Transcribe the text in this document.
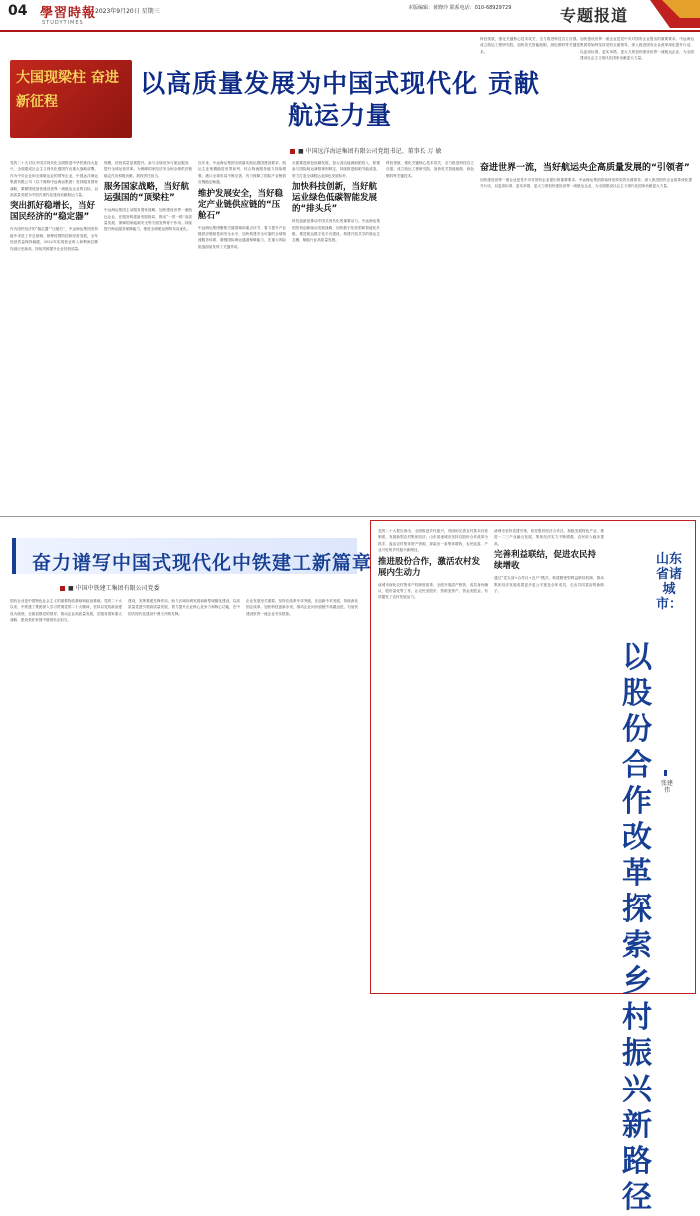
04 學習時報
STUDYTIMES
2023年9月20日 星期三	本版编辑：黄晓玲 联系电话：010-68929729	专题报道
大国现梁柱 奋进新征程
以高质量发展为中国式现代化 贡献航运力量
■ 中国远洋海运集团有限公司党组书记、董事长 万 敏

党的二十大对以中国式现代化全面推进中华民族伟大复兴，全面建成社会主义现代化强国作出重大战略部署。作为中央企业和全球航运业的领军企业，中国远洋海运集团有限公司（以下简称中远海运集团）坚持服务国家战略，紧紧围绕加快建设世界一流航运企业的目标，以高质量发展为中国式现代化建设贡献航运力量。

突出抓好稳增长，当好国民经济的“稳定器”

作为国民经济的“稳定器”“压舱石”，中远海运集团坚持稳中求进工作总基调，统筹疫情防控和经营发展，全年经营效益保持稳健，2022年实现营业收入和利润总额均创历史新高，持续巩固提升企业经营质量。

规模，经营质量显著提升。参与全球竞争与航运服务，提升全球运营效率。为保障国家经济安全和全球供应链稳定作出积极贡献，展现责任担当。

服务国家战略，当好航运强国的“顶梁柱”

中远海运集团主动服务国家战略，加快建设世界一流航运企业，在服务构建新发展格局、推动“一带一路”高质量发展、保障国家能源安全等方面发挥骨干作用。持续提升海运服务保障能力，推进全球航运网络布局优化。

近年来，中远海运集团全面落实航运强国建设要求，航运主业规模稳居世界前列，综合物流服务能力持续增强，港口全球布局不断完善，有力保障了国际产业链供应链稳定畅通。

维护发展安全，当好稳定产业链供应链的“压舱石”

中远海运集团聚焦关键领域和重点环节，着力提升产业链供应链韧性和安全水平，加快构建安全可靠的全球物流服务体系，增强国际海运通道保障能力，在重大风险挑战面前发挥了关键作用。

全面推进绿色低碳发展，加大清洁能源船舶投入，积极参与国际航运减排规则制定，持续推进船舶节能改造，努力打造全球航运业绿色发展标杆。

加快科技创新，当好航运业绿色低碳智能发展的“排头兵”

科技创新是推动中国式现代化的重要动力。中远海运集团坚持创新驱动发展战略，加快数字化转型和智能化升级，推进航运数字化平台建设，构建开放共享的航运生态圈，赋能行业高质量发展。

科技领航，强化关键核心技术攻关，全力推进科技自立自强。成立航运工程研究院，加快攻关智能船舶、绿色燃料等关键技术。

科技领航，强化关键核心技术攻关，全力推进科技自立自强。成立航运工程研究院，加快攻关智能船舶、绿色燃料等关键技术。

加快建设世界一流企业是党中央对国有企业提出的重要要求。中远海运集团将始终坚持党的全面领导，深入推进国有企业改革深化提升行动，以更高标准、更实举措、更大力度加快建设世界一流航运企业，为全面建设社会主义现代化国家贡献更大力量。

奋进世界一流，当好航运央企高质量发展的“引领者”

加快建设世界一流企业是党中央对国有企业提出的重要要求。中远海运集团将始终坚持党的全面领导，深入推进国有企业改革深化提升行动，以更高标准、更实举措、更大力度加快建设世界一流航运企业，为全面建设社会主义现代化国家贡献更大力量。

奋力谱写中国式现代化中铁建工新篇章
■ 中国中铁建工集团有限公司党委

国有企业是中国特色社会主义的重要物质基础和政治基础。党的二十大以来，中铁建工集团深入学习贯彻党的二十大精神，坚持以党的政治建设为统领，全面加强党的领导，推动企业高质量发展，在服务国家重大战略、建设美好家园中展现央企担当。

建设，发挥基建先锋作用，助力区域协调发展和新型城镇化建设。以高质量党建引领高质量发展，着力提升企业核心竞争力和核心功能，在中国式现代化建设中勇当开路先锋。

企业发展至关重要。坚持在改革中求突破、在创新中求发展，持续深化国企改革，加快科技创新步伐，推动企业向价值链中高端迈进，为加快建设世界一流企业夯实根基。

党的二十大报告指出，全面推进乡村振兴，巩固和完善农村基本经营制度，发展新型农村集体经济。山东省诸城市坚持以股份合作改革为抓手，盘活农村集体资产资源，探索出一条集体增收、农民致富、产业兴旺的乡村振兴新路径。

推进股份合作，激活农村发展内生动力

诸城市深化农村集体产权制度改革，全面开展清产核资、成员身份确认、股份量化等工作，让农民变股东、资源变资产、资金变股金，有效激发了农村发展活力。

诸城市坚持党建引领，依托股份经济合作社，积极发展特色产业，推进一二三产业融合发展，集体经济实力不断增强，农民收入稳步提高。

完善利益联结，促进农民持续增收

通过“党支部+合作社+农户”模式，构建紧密型利益联结机制，推动集体经济发展成果更多更公平惠及全体成员，走出共同富裕的新路子。

山东省诸城市：
以股份合作改革探索乡村振兴新路径
张建伟
